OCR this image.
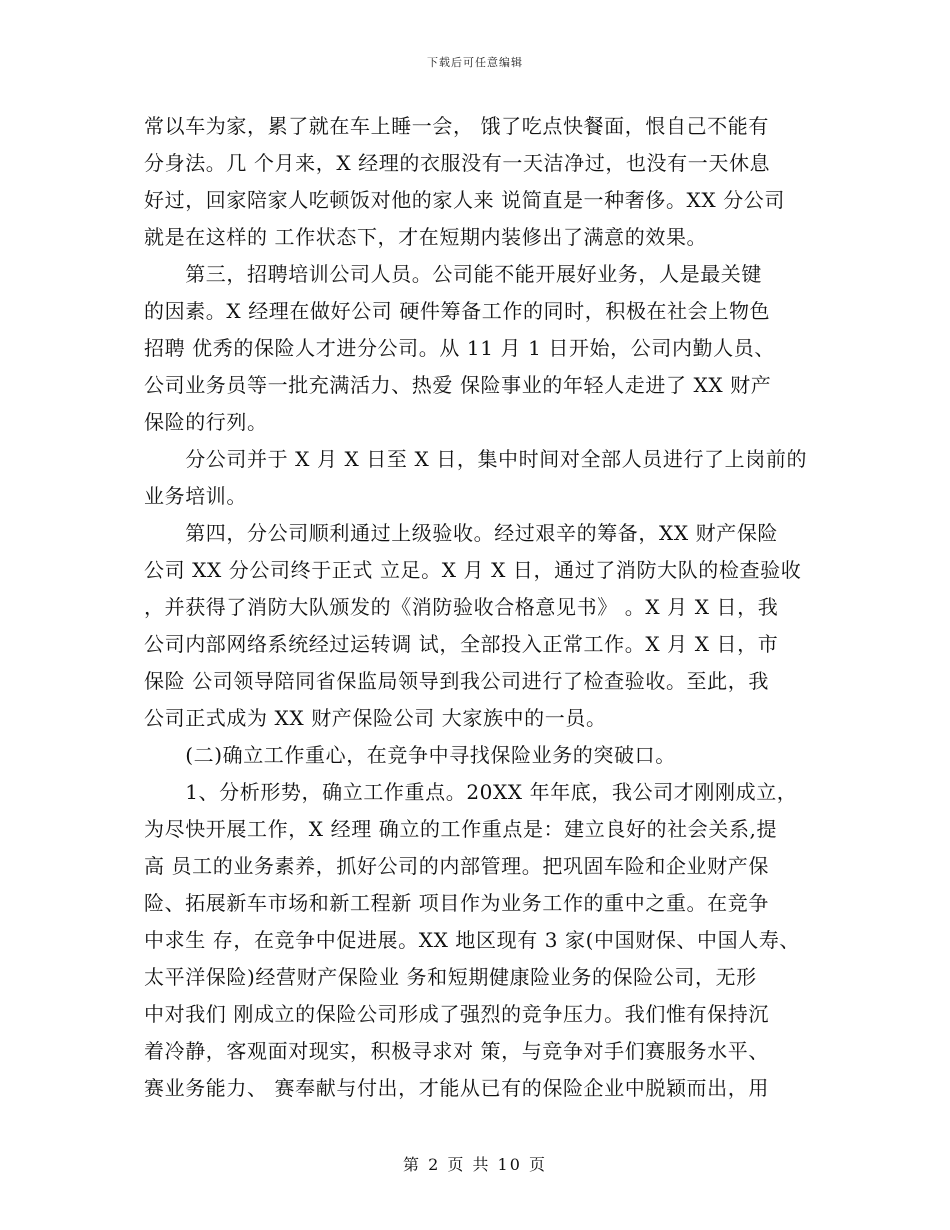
下载后可任意编辑
常以车为家，累了就在车上睡一会， 饿了吃点快餐面，恨自己不能有
分身法。几 个月来，X 经理的衣服没有一天洁净过，也没有一天休息
好过，回家陪家人吃顿饭对他的家人来 说简直是一种奢侈。XX 分公司
就是在这样的 工作状态下，才在短期内装修出了满意的效果。
　　第三，招聘培训公司人员。公司能不能开展好业务，人是最关键
的因素。X 经理在做好公司 硬件筹备工作的同时，积极在社会上物色
招聘 优秀的保险人才进分公司。从 11 月 1 日开始，公司内勤人员、
公司业务员等一批充满活力、热爱 保险事业的年轻人走进了 XX 财产
保险的行列。
　　分公司并于 X 月 X 日至 X 日，集中时间对全部人员进行了上岗前的
业务培训。
　　第四，分公司顺利通过上级验收。经过艰辛的筹备，XX 财产保险
公司 XX 分公司终于正式 立足。X 月 X 日，通过了消防大队的检查验收
，并获得了消防大队颁发的《消防验收合格意见书》 。X 月 X 日，我
公司内部网络系统经过运转调 试，全部投入正常工作。X 月 X 日，市
保险 公司领导陪同省保监局领导到我公司进行了检查验收。至此，我
公司正式成为 XX 财产保险公司 大家族中的一员。
　　(二)确立工作重心，在竞争中寻找保险业务的突破口。
　　1、分析形势，确立工作重点。20XX 年年底，我公司才刚刚成立，
为尽快开展工作，X 经理 确立的工作重点是：建立良好的社会关系,提
高 员工的业务素养，抓好公司的内部管理。把巩固车险和企业财产保
险、拓展新车市场和新工程新 项目作为业务工作的重中之重。在竞争
中求生 存，在竞争中促进展。XX 地区现有 3 家(中国财保、中国人寿、
太平洋保险)经营财产保险业 务和短期健康险业务的保险公司，无形
中对我们 刚成立的保险公司形成了强烈的竞争压力。我们惟有保持沉
着冷静，客观面对现实，积极寻求对 策，与竞争对手们赛服务水平、
赛业务能力、 赛奉献与付出，才能从已有的保险企业中脱颖而出，用
第 2 页 共 10 页
